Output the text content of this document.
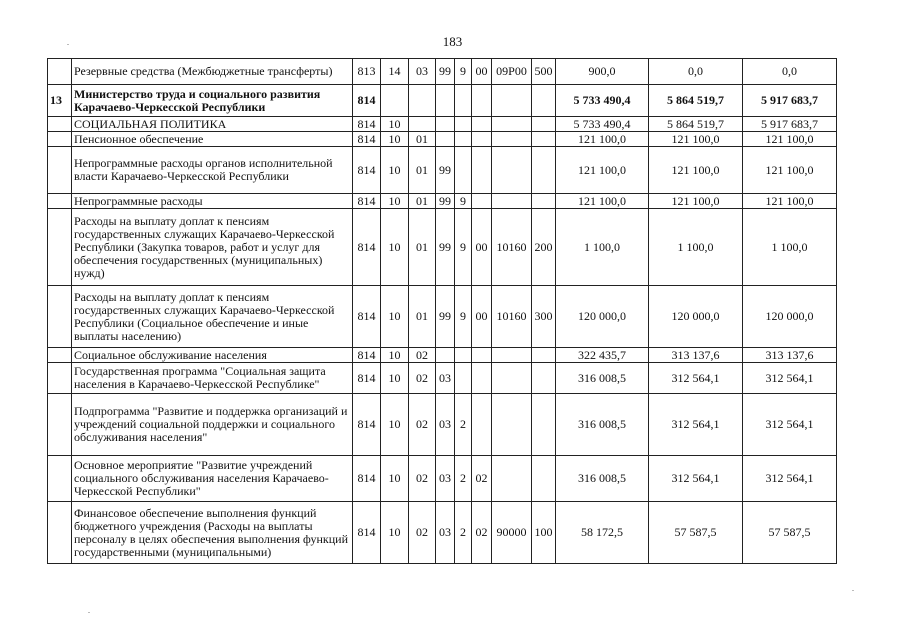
183
	Резервные средства (Межбюджетные трансферты)	813	14	03	99	9	00	09Р00	500	900,0	0,0	0,0
13	Министерство труда и социального развития Карачаево-Черкесской Республики	814								5 733 490,4	5 864 519,7	5 917 683,7
	СОЦИАЛЬНАЯ ПОЛИТИКА	814	10							5 733 490,4	5 864 519,7	5 917 683,7
	Пенсионное обеспечение	814	10	01						121 100,0	121 100,0	121 100,0
	Непрограммные расходы органов исполнительной власти Карачаево-Черкесской Республики	814	10	01	99					121 100,0	121 100,0	121 100,0
	Непрограммные расходы	814	10	01	99	9				121 100,0	121 100,0	121 100,0
	Расходы на выплату доплат к пенсиям государственных служащих Карачаево-Черкесской Республики (Закупка товаров, работ и услуг для обеспечения государственных (муниципальных) нужд)	814	10	01	99	9	00	10160	200	1 100,0	1 100,0	1 100,0
	Расходы на выплату доплат к пенсиям государственных служащих Карачаево-Черкесской Республики (Социальное обеспечение и иные выплаты населению)	814	10	01	99	9	00	10160	300	120 000,0	120 000,0	120 000,0
	Социальное обслуживание населения	814	10	02						322 435,7	313 137,6	313 137,6
	Государственная программа "Социальная защита населения в Карачаево-Черкесской Республике"	814	10	02	03					316 008,5	312 564,1	312 564,1
	Подпрограмма "Развитие и поддержка организаций и учреждений социальной поддержки и социального обслуживания населения"	814	10	02	03	2				316 008,5	312 564,1	312 564,1
	Основное мероприятие "Развитие учреждений социального обслуживания населения Карачаево-Черкесской Республики"	814	10	02	03	2	02			316 008,5	312 564,1	312 564,1
	Финансовое обеспечение выполнения функций бюджетного учреждения (Расходы на выплаты персоналу в целях обеспечения выполнения функций государственными (муниципальными)	814	10	02	03	2	02	90000	100	58 172,5	57 587,5	57 587,5
